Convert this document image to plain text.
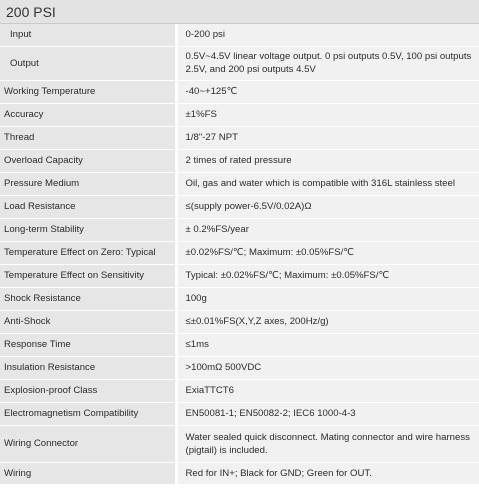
200 PSI
Input	0-200 psi
Output	0.5V~4.5V linear voltage output. 0 psi outputs 0.5V, 100 psi outputs 2.5V, and 200 psi outputs 4.5V
Working Temperature	-40~+125℃
Accuracy	±1%FS
Thread	1/8"-27 NPT
Overload Capacity	2 times of rated pressure
Pressure Medium	Oil, gas and water which is compatible with 316L stainless steel
Load Resistance	≤(supply power-6.5V/0.02A)Ω
Long-term Stability	± 0.2%FS/year
Temperature Effect on Zero: Typical	±0.02%FS/℃; Maximum: ±0.05%FS/℃
Temperature Effect on Sensitivity	Typical: ±0.02%FS/℃; Maximum: ±0.05%FS/℃
Shock Resistance	100g
Anti-Shock	≤±0.01%FS(X,Y,Z axes, 200Hz/g)
Response Time	≤1ms
Insulation Resistance	>100mΩ 500VDC
Explosion-proof Class	ExiaTTCT6
Electromagnetism Compatibility	EN50081-1; EN50082-2; IEC6 1000-4-3
Wiring Connector	Water sealed quick disconnect. Mating connector and wire harness (pigtail) is included.
Wiring	Red for IN+; Black for GND; Green for OUT.
